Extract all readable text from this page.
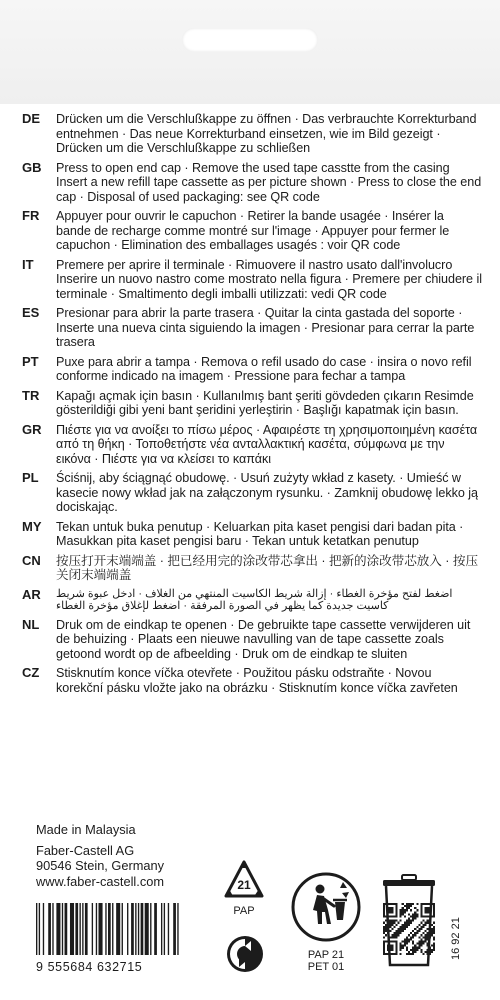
DE	Drücken um die Verschlußkappe zu öffnen · Das verbrauchte Korrekturband entnehmen · Das neue Korrekturband einsetzen, wie im Bild gezeigt · Drücken um die Verschlußkappe zu schließen
GB	Press to open end cap · Remove the used tape casstte from the casing Insert a new refill tape cassette as per picture shown · Press to close the end cap · Disposal of used packaging: see QR code
FR	Appuyer pour ouvrir le capuchon · Retirer la bande usagée · Insérer la bande de recharge comme montré sur l'image · Appuyer pour fermer le capuchon · Elimination des emballages usagés : voir QR code
IT	Premere per aprire il terminale · Rimuovere il nastro usato dall'involucro Inserire un nuovo nastro come mostrato nella figura · Premere per chiudere il terminale · Smaltimento degli imballi utilizzati: vedi QR code
ES	Presionar para abrir la parte trasera · Quitar la cinta gastada del soporte · Inserte una nueva cinta siguiendo la imagen · Presionar para cerrar la parte trasera
PT	Puxe para abrir a tampa · Remova o refil usado do case · insira o novo refil conforme indicado na imagem · Pressione para fechar a tampa
TR	Kapağı açmak için basın · Kullanılmış bant şeriti gövdeden çıkarın Resimde gösterildiği gibi yeni bant şeridini yerleştirin · Başlığı kapatmak için basın.
GR	Πιέστε για να ανοίξει το πίσω μέρος · Αφαιρέστε τη χρησιμοποιημένη κασέτα από τη θήκη · Τοποθετήστε νέα ανταλλακτική κασέτα, σύμφωνα με την εικόνα · Πιέστε για να κλείσει το καπάκι
PL	Ściśnij, aby ściągnąć obudowę. · Usuń zużyty wkład z kasety. · Umieść w kasecie nowy wkład jak na załączonym rysunku. · Zamknij obudowę lekko ją dociskając.
MY	Tekan untuk buka penutup · Keluarkan pita kaset pengisi dari badan pita · Masukkan pita kaset pengisi baru · Tekan untuk ketatkan penutup
CN	按压打开末端端盖 · 把已经用完的涂改带芯拿出 · 把新的涂改带芯放入 · 按压关闭末端端盖
AR	اضغط لفتح مؤخرة الغطاء · إزالة شريط الكاسيت المنتهي من الغلاف · ادخل عبوة شريط كاسيت جديدة كما يظهر في الصورة المرفقة · اضغط لإغلاق مؤخرة الغطاء
NL	Druk om de eindkap te openen · De gebruikte tape cassette verwijderen uit de behuizing · Plaats een nieuwe navulling van de tape cassette zoals getoond wordt op de afbeelding · Druk om de eindkap te sluiten
CZ	Stisknutím konce víčka otevřete · Použitou pásku odstraňte · Novou korekční pásku vložte jako na obrázku · Stisknutím konce víčka zavřeten
Made in Malaysia
Faber-Castell AG
90546 Stein, Germany
www.faber-castell.com
9 555684 632715
21
PAP
PAP 21
PET 01
16 92 21
